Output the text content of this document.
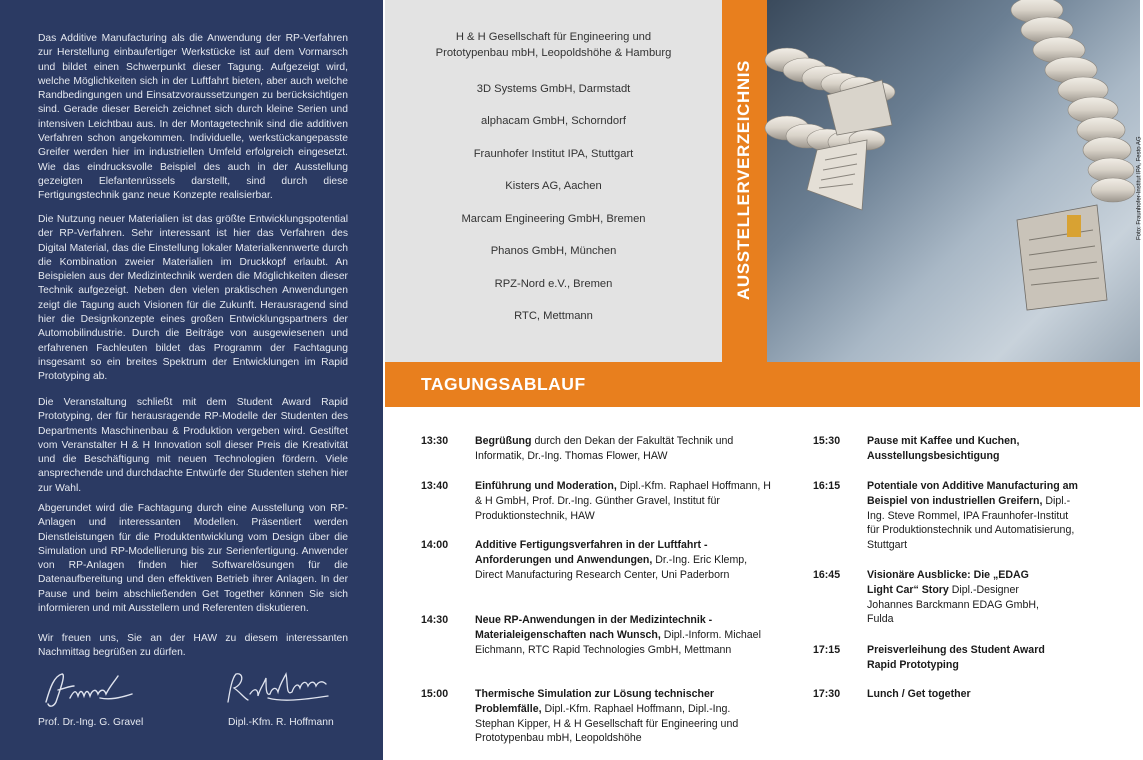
Das Additive Manufacturing als die Anwendung der RP-Verfahren zur Herstellung einbaufertiger Werkstücke ist auf dem Vormarsch und bildet einen Schwerpunkt dieser Tagung. Aufgezeigt wird, welche Möglichkeiten sich in der Luftfahrt bieten, aber auch welche Randbedingungen und Einsatzvoraussetzungen zu berücksichtigen sind. Gerade dieser Bereich zeichnet sich durch kleine Serien und intensiven Leichtbau aus. In der Montagetechnik sind die additiven Verfahren schon angekommen. Individuelle, werkstückangepasste Greifer werden hier im industriellen Umfeld erfolgreich eingesetzt. Wie das eindrucksvolle Beispiel des auch in der Ausstellung gezeigten Elefantenrüssels darstellt, sind durch diese Fertigungstechnik ganz neue Konzepte realisierbar.

Die Nutzung neuer Materialien ist das größte Entwicklungspotential der RP-Verfahren. Sehr interessant ist hier das Verfahren des Digital Material, das die Einstellung lokaler Materialkennwerte durch die Kombination zweier Materialien im Druckkopf erlaubt. An Beispielen aus der Medizintechnik werden die Möglichkeiten dieser Technik aufgezeigt. Neben den vielen praktischen Anwendungen zeigt die Tagung auch Visionen für die Zukunft. Herausragend sind hier die Designkonzepte eines großen Entwicklungspartners der Automobilindustrie. Durch die Beiträge von ausgewiesenen und erfahrenen Fachleuten bildet das Programm der Fachtagung insgesamt so ein breites Spektrum der Entwicklungen im Rapid Prototyping ab.

Die Veranstaltung schließt mit dem Student Award Rapid Prototyping, der für herausragende RP-Modelle der Studenten des Departments Maschinenbau & Produktion vergeben wird. Gestiftet vom Veranstalter H & H Innovation soll dieser Preis die Kreativität und die Beschäftigung mit neuen Technologien fördern. Viele ansprechende und durchdachte Entwürfe der Studenten stehen hier zur Wahl.

Abgerundet wird die Fachtagung durch eine Ausstellung von RP-Anlagen und interessanten Modellen. Präsentiert werden Dienstleistungen für die Produktentwicklung vom Design über die Simulation und RP-Modellierung bis zur Serienfertigung. Anwender von RP-Anlagen finden hier Softwarelösungen für die Datenaufbereitung und den effektiven Betrieb ihrer Anlagen. In der Pause und beim abschließenden Get Together können Sie sich informieren und mit Ausstellern und Referenten diskutieren.

Wir freuen uns, Sie an der HAW zu diesem interessanten Nachmittag begrüßen zu dürfen.

Prof. Dr.-Ing. G. Gravel	Dipl.-Kfm. R. Hoffmann
H & H Gesellschaft für Engineering und
Prototypenbau mbH, Leopoldshöhe & Hamburg
3D Systems GmbH, Darmstadt
alphacam GmbH, Schorndorf
Fraunhofer Institut IPA, Stuttgart
Kisters AG, Aachen
Marcam Engineering GmbH, Bremen
Phanos GmbH, München
RPZ-Nord e.V., Bremen
RTC, Mettmann
AUSSTELLERVERZEICHNIS	Foto: Fraunhofer-Institut IPA, Festo AG
TAGUNGSABLAUF
13:30	Begrüßung durch den Dekan der Fakultät Technik und Informatik, Dr.-Ing. Thomas Flower, HAW
13:40	Einführung und Moderation, Dipl.-Kfm. Raphael Hoffmann, H & H GmbH, Prof. Dr.-Ing. Günther Gravel, Institut für Produktionstechnik, HAW
14:00	Additive Fertigungsverfahren in der Luftfahrt - Anforderungen und Anwendungen, Dr.-Ing. Eric Klemp, Direct Manufacturing Research Center, Uni Paderborn
14:30	Neue RP-Anwendungen in der Medizintechnik - Materialeigenschaften nach Wunsch, Dipl.-Inform. Michael Eichmann, RTC Rapid Technologies GmbH, Mettmann
15:00	Thermische Simulation zur Lösung technischer Problemfälle, Dipl.-Kfm. Raphael Hoffmann, Dipl.-Ing. Stephan Kipper, H & H Gesellschaft für Engineering und Prototypenbau mbH, Leopoldshöhe
15:30	Pause mit Kaffee und Kuchen, Ausstellungsbesichtigung
16:15	Potentiale von Additive Manufacturing am Beispiel von industriellen Greifern, Dipl.-Ing. Steve Rommel, IPA Fraunhofer-Institut für Produktionstechnik und Automatisierung, Stuttgart
16:45	Visionäre Ausblicke: Die „EDAG Light Car“ Story Dipl.-Designer Johannes Barckmann EDAG GmbH, Fulda
17:15	Preisverleihung des Student Award Rapid Prototyping
17:30	Lunch / Get together
